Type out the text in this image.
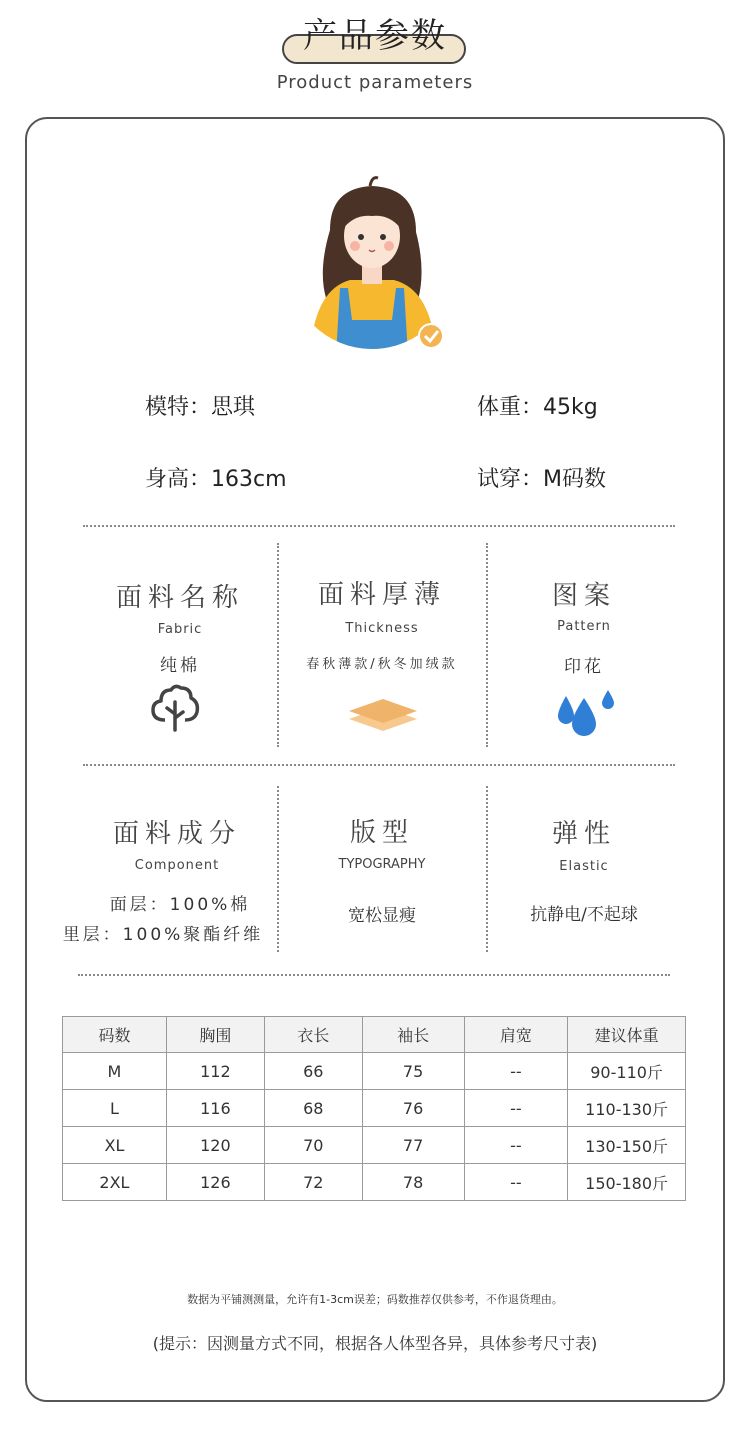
产品参数
Product parameters
模特：思琪	体重：45kg
身高：163cm	试穿：M码数
面料名称
Fabric
纯棉
面料厚薄
Thickness
春秋薄款/秋冬加绒款
图案
Pattern
印花
面料成分
Component
面层：100%棉
里层：100%聚酯纤维
版型
TYPOGRAPHY
宽松显瘦
弹性
Elastic
抗静电/不起球
码数	胸围	衣长	袖长	肩宽	建议体重
M	112	66	75	--	90-110斤
L	116	68	76	--	110-130斤
XL	120	70	77	--	130-150斤
2XL	126	72	78	--	150-180斤
数据为平铺测测量，允许有1-3cm误差；码数推荐仅供参考，不作退货理由。
(提示：因测量方式不同，根据各人体型各异，具体参考尺寸表)
